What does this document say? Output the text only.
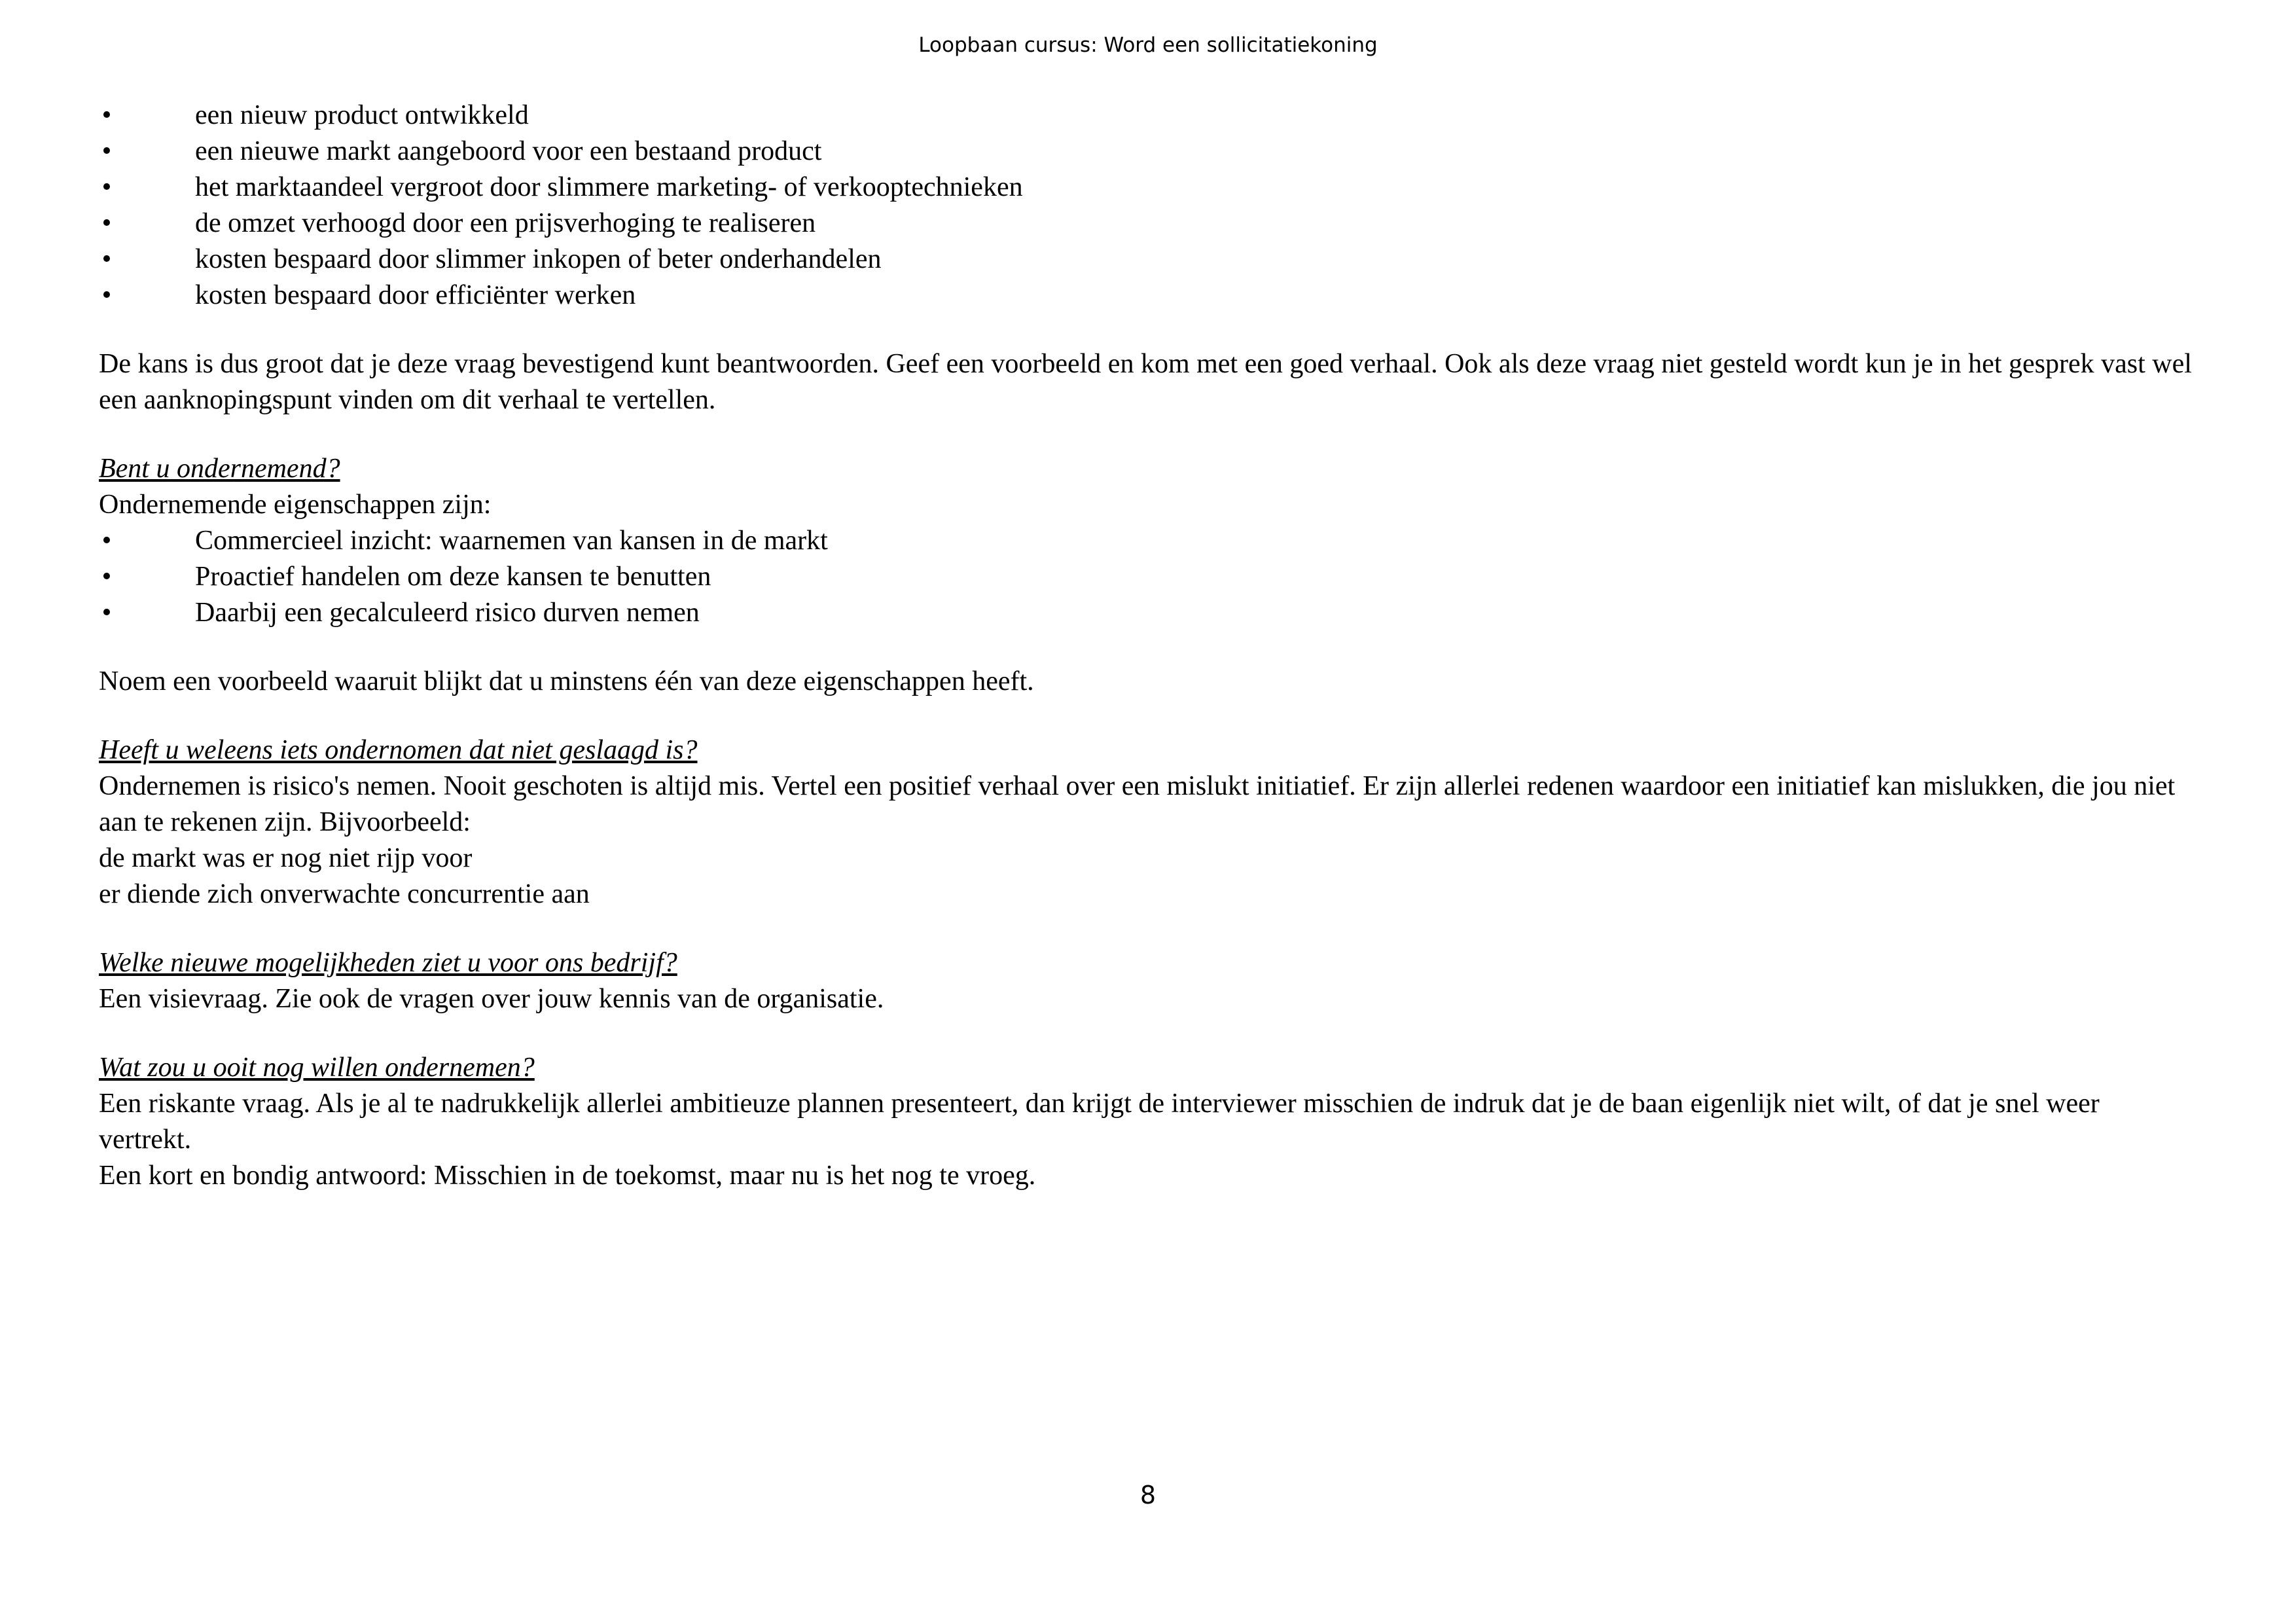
Loopbaan cursus: Word een sollicitatiekoning
•	een nieuw product ontwikkeld
•	een nieuwe markt aangeboord voor een bestaand product
•	het marktaandeel vergroot door slimmere marketing- of verkooptechnieken
•	de omzet verhoogd door een prijsverhoging te realiseren
•	kosten bespaard door slimmer inkopen of beter onderhandelen
•	kosten bespaard door efficiënter werken

De kans is dus groot dat je deze vraag bevestigend kunt beantwoorden. Geef een voorbeeld en kom met een goed verhaal. Ook als deze vraag niet gesteld wordt kun je in het gesprek vast wel een aanknopingspunt vinden om dit verhaal te vertellen.

Bent u ondernemend?
Ondernemende eigenschappen zijn:
•	Commercieel inzicht: waarnemen van kansen in de markt
•	Proactief handelen om deze kansen te benutten
•	Daarbij een gecalculeerd risico durven nemen
Noem een voorbeeld waaruit blijkt dat u minstens één van deze eigenschappen heeft.
Heeft u weleens iets ondernomen dat niet geslaagd is?

Ondernemen is risico's nemen. Nooit geschoten is altijd mis. Vertel een positief verhaal over een mislukt initiatief. Er zijn allerlei redenen waardoor een initiatief kan mislukken, die jou niet aan te rekenen zijn. Bijvoorbeeld:

de markt was er nog niet rijp voor
er diende zich onverwachte concurrentie aan
Welke nieuwe mogelijkheden ziet u voor ons bedrijf?
Een visievraag. Zie ook de vragen over jouw kennis van de organisatie.
Wat zou u ooit nog willen ondernemen?

Een riskante vraag. Als je al te nadrukkelijk allerlei ambitieuze plannen presenteert, dan krijgt de interviewer misschien de indruk dat je de baan eigenlijk niet wilt, of dat je snel weer vertrekt.

Een kort en bondig antwoord: Misschien in de toekomst, maar nu is het nog te vroeg.
8
